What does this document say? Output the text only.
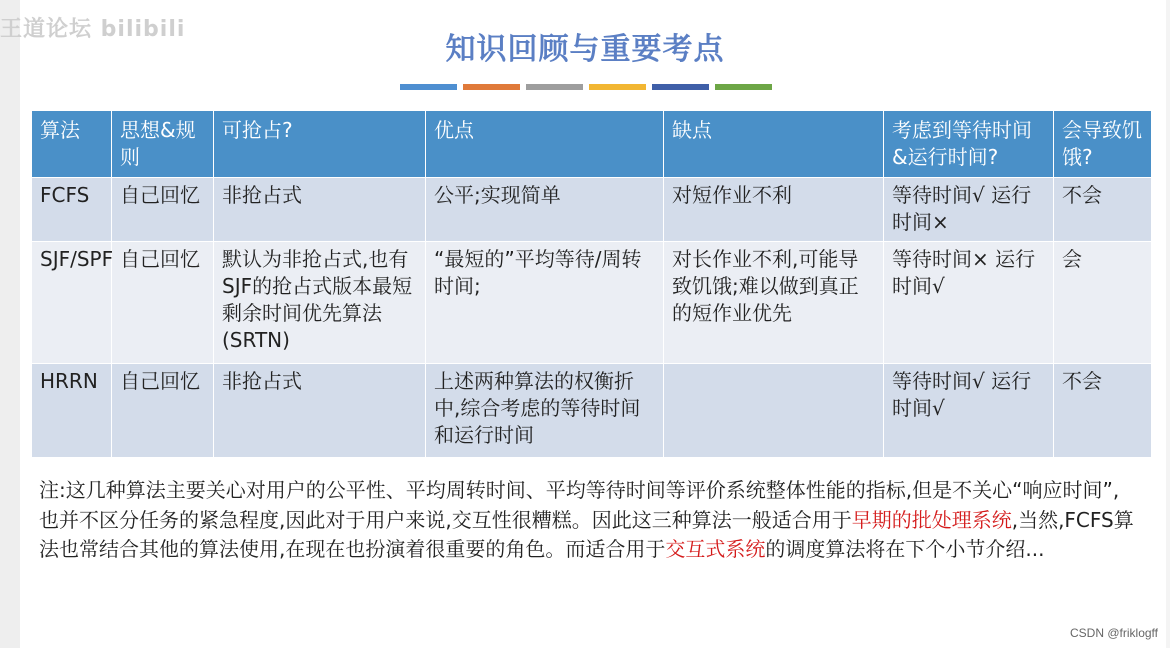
王道论坛 bilibili
知识回顾与重要考点
算法	思想&规则	可抢占?	优点	缺点	考虑到等待时间&运行时间?	会导致饥饿?
FCFS	自己回忆	非抢占式	公平;实现简单	对短作业不利	等待时间√ 运行时间×	不会
SJF/SPF	自己回忆	默认为非抢占式,也有SJF的抢占式版本最短剩余时间优先算法(SRTN)	“最短的”平均等待/周转时间;	对长作业不利,可能导致饥饿;难以做到真正的短作业优先	等待时间× 运行时间√	会
HRRN	自己回忆	非抢占式	上述两种算法的权衡折中,综合考虑的等待时间和运行时间		等待时间√ 运行时间√	不会
注:这几种算法主要关心对用户的公平性、平均周转时间、平均等待时间等评价系统整体性能的指标,但是不关心“响应时间”,也并不区分任务的紧急程度,因此对于用户来说,交互性很糟糕。因此这三种算法一般适合用于早期的批处理系统,当然,FCFS算法也常结合其他的算法使用,在现在也扮演着很重要的角色。而适合用于交互式系统的调度算法将在下个小节介绍...
CSDN @friklogff
